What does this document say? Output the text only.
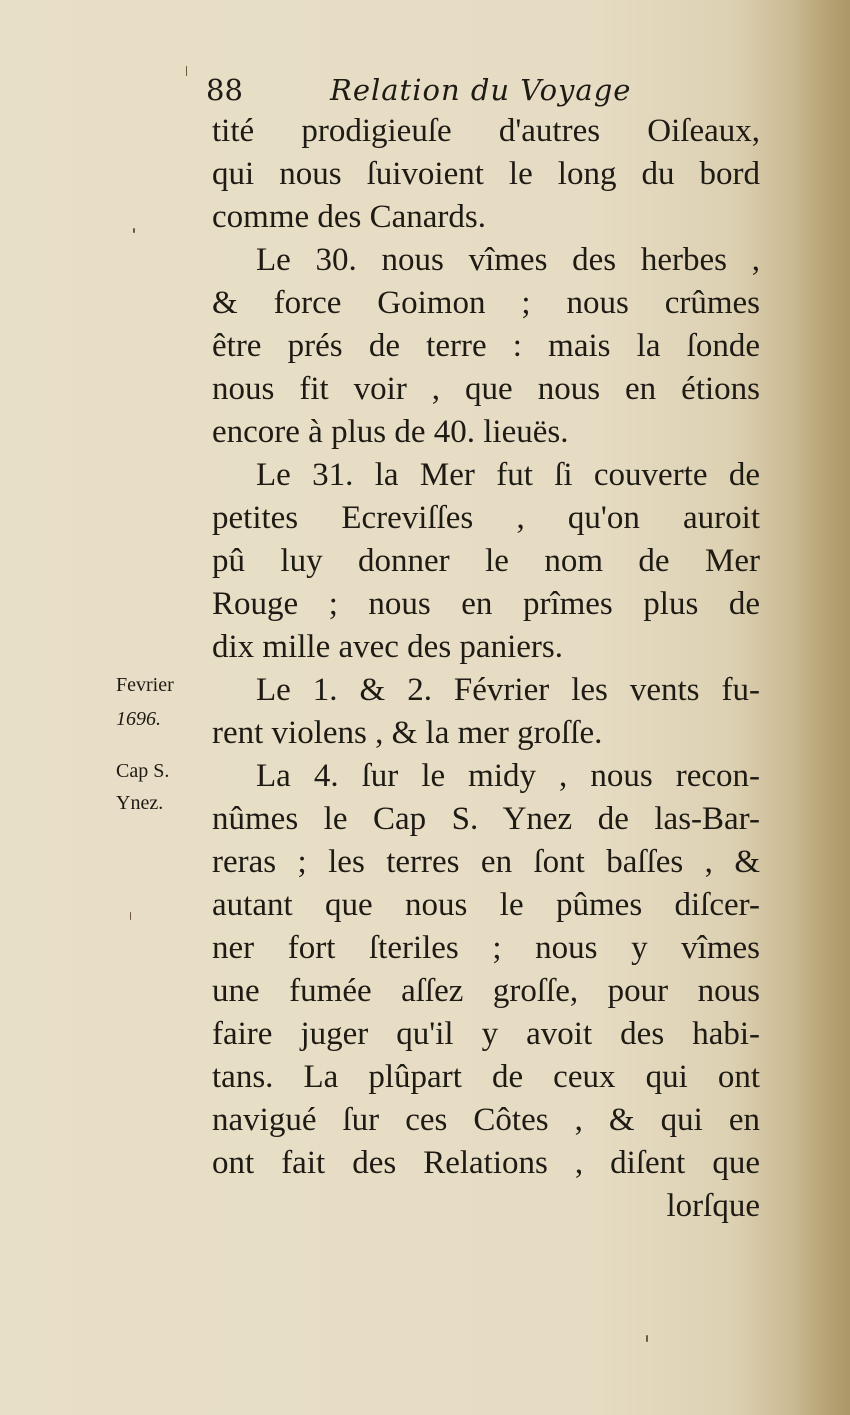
88	Relation du Voyage
tité prodigieuſe d'autres Oiſeaux,
qui nous ſuivoient le long du bord
comme des Canards.
Le 30. nous vîmes des herbes ,
& force Goimon ; nous crûmes
être prés de terre : mais la ſonde
nous fit voir , que nous en étions
encore à plus de 40. lieuës.
Le 31. la Mer fut ſi couverte de
petites Ecreviſſes , qu'on auroit
pû luy donner le nom de Mer
Rouge ; nous en prîmes plus de
dix mille avec des paniers.
Le 1. & 2. Février les vents fu-
rent violens , & la mer groſſe.
La 4. ſur le midy , nous recon-
nûmes le Cap S. Ynez de las-Bar-
reras ; les terres en ſont baſſes , &
autant que nous le pûmes diſcer-
ner fort ſteriles ; nous y vîmes
une fumée aſſez groſſe, pour nous
faire juger qu'il y avoit des habi-
tans. La plûpart de ceux qui ont
navigué ſur ces Côtes , & qui en
ont fait des Relations , diſent que
lorſque
Fevrier
1696.
Cap S.
Ynez.
